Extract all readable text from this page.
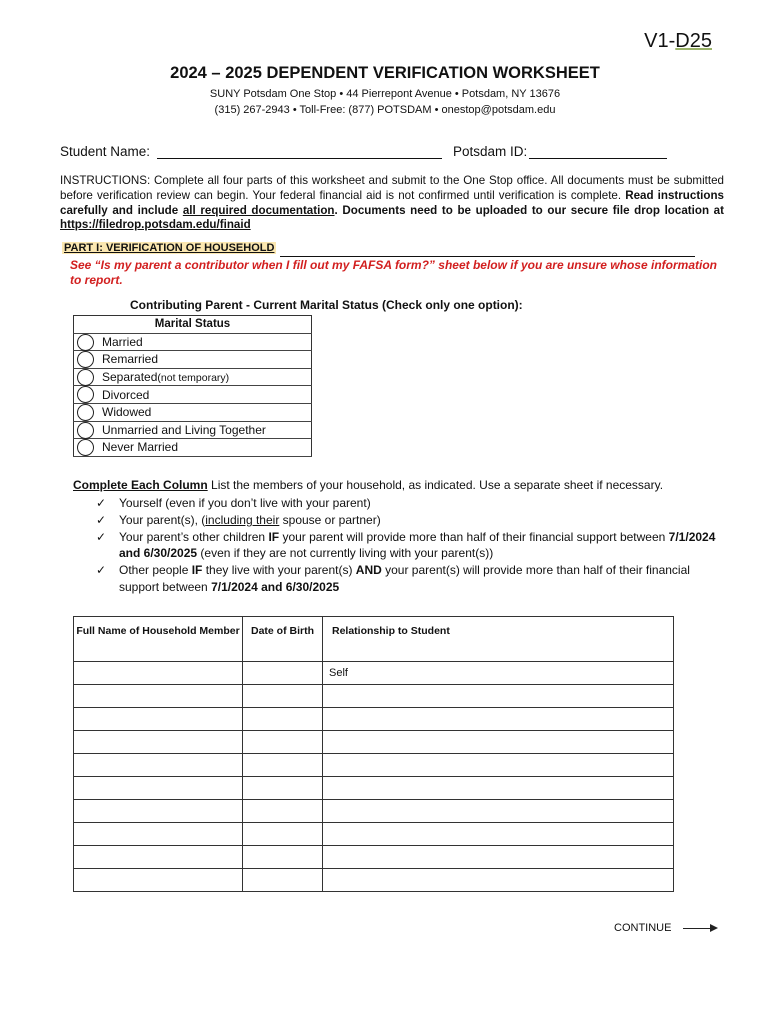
V1-D25
2024 – 2025 DEPENDENT VERIFICATION WORKSHEET
SUNY Potsdam One Stop • 44 Pierrepont Avenue • Potsdam, NY 13676
(315) 267-2943 • Toll-Free: (877) POTSDAM • onestop@potsdam.edu
Student Name:	Potsdam ID:
INSTRUCTIONS: Complete all four parts of this worksheet and submit to the One Stop office. All documents must be submitted before verification review can begin. Your federal financial aid is not confirmed until verification is complete. Read instructions carefully and include all required documentation. Documents need to be uploaded to our secure file drop location at https://filedrop.potsdam.edu/finaid
PART I: VERIFICATION OF HOUSEHOLD
See “Is my parent a contributor when I fill out my FAFSA form?” sheet below if you are unsure whose information to report.
Contributing Parent - Current Marital Status (Check only one option):
Marital Status

Married

Remarried

Separated(not temporary)

Divorced

Widowed

Unmarried and Living Together

Never Married
Complete Each Column List the members of your household, as indicated. Use a separate sheet if necessary.
✓ Yourself (even if you don’t live with your parent)
✓ Your parent(s), (including their spouse or partner)
✓ Your parent’s other children IF your parent will provide more than half of their financial support between 7/1/2024 and 6/30/2025 (even if they are not currently living with your parent(s))
✓ Other people IF they live with your parent(s) AND your parent(s) will provide more than half of their financial support between 7/1/2024 and 6/30/2025
Full Name of Household Member	Date of Birth	Relationship to Student
		Self

CONTINUE
